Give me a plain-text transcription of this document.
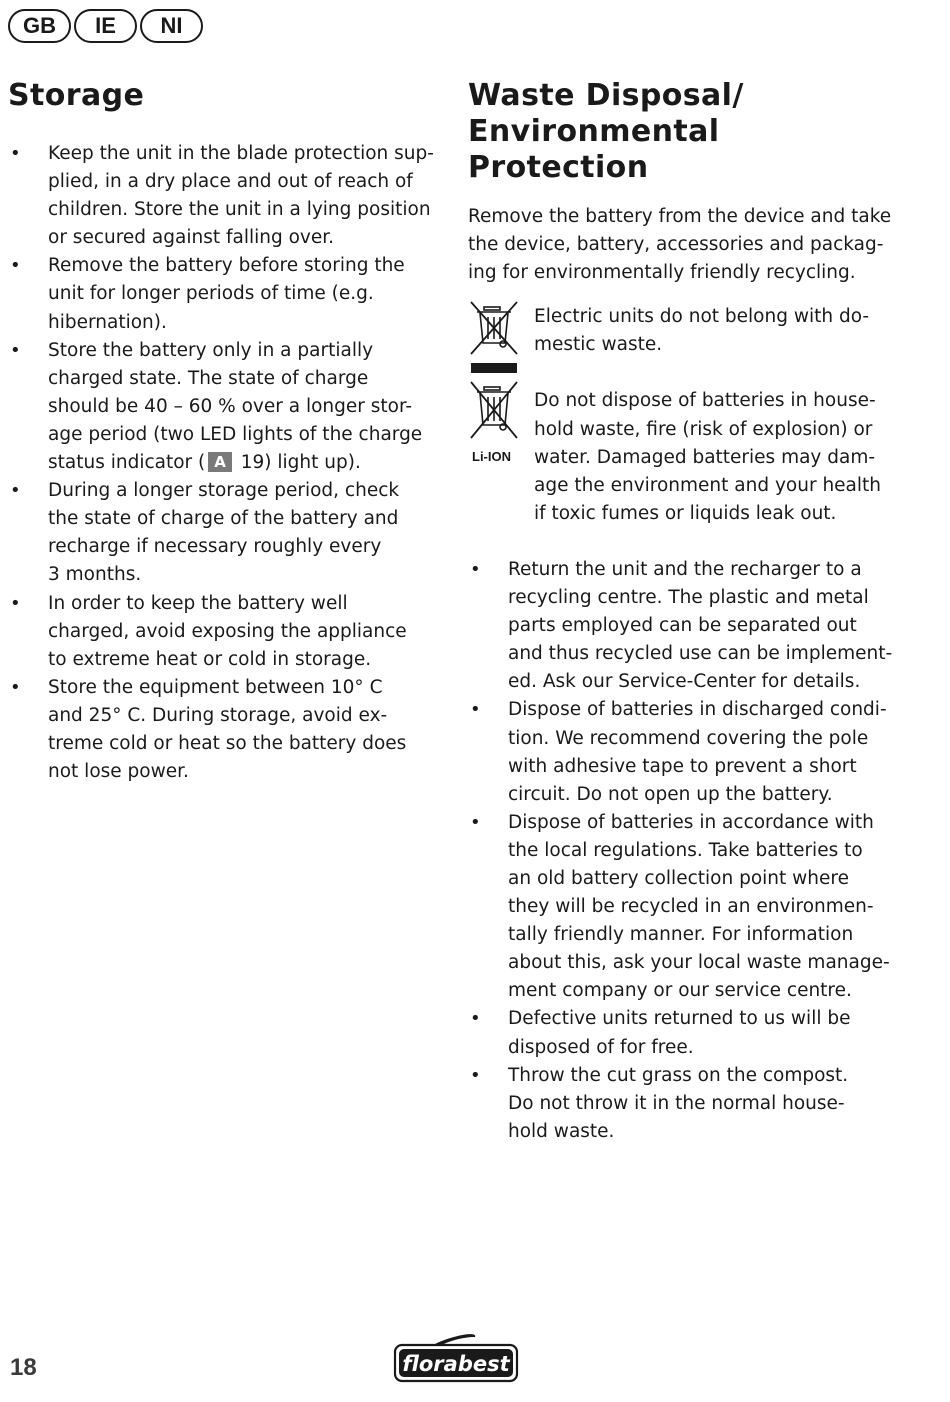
GB	IE	NI
Storage
• Keep the unit in the blade protection sup-
plied, in a dry place and out of reach of
children. Store the unit in a lying position
or secured against falling over.
• Remove the battery before storing the
unit for longer periods of time (e.g.
hibernation).
• Store the battery only in a partially
charged state. The state of charge
should be 40 – 60 % over a longer stor-
age period (two LED lights of the charge
status indicator ( A 19) light up).
• During a longer storage period, check
the state of charge of the battery and
recharge if necessary roughly every
3 months.
• In order to keep the battery well
charged, avoid exposing the appliance
to extreme heat or cold in storage.
• Store the equipment between 10° C
and 25° C. During storage, avoid ex-
treme cold or heat so the battery does
not lose power.
Waste Disposal/
Environmental Protection

Remove the battery from the device and take
the device, battery, accessories and packag-
ing for environmentally friendly recycling.

Electric units do not belong with do-
mestic waste.
Li-ION
Do not dispose of batteries in house-
hold waste, fire (risk of explosion) or
water. Damaged batteries may dam-
age the environment and your health
if toxic fumes or liquids leak out.
• Return the unit and the recharger to a
recycling centre. The plastic and metal
parts employed can be separated out
and thus recycled use can be implement-
ed. Ask our Service-Center for details.
• Dispose of batteries in discharged condi-
tion. We recommend covering the pole
with adhesive tape to prevent a short
circuit. Do not open up the battery.
• Dispose of batteries in accordance with
the local regulations. Take batteries to
an old battery collection point where
they will be recycled in an environmen-
tally friendly manner. For information
about this, ask your local waste manage-
ment company or our service centre.
• Defective units returned to us will be
disposed of for free.
• Throw the cut grass on the compost.
Do not throw it in the normal house-
hold waste.
18	florabest
